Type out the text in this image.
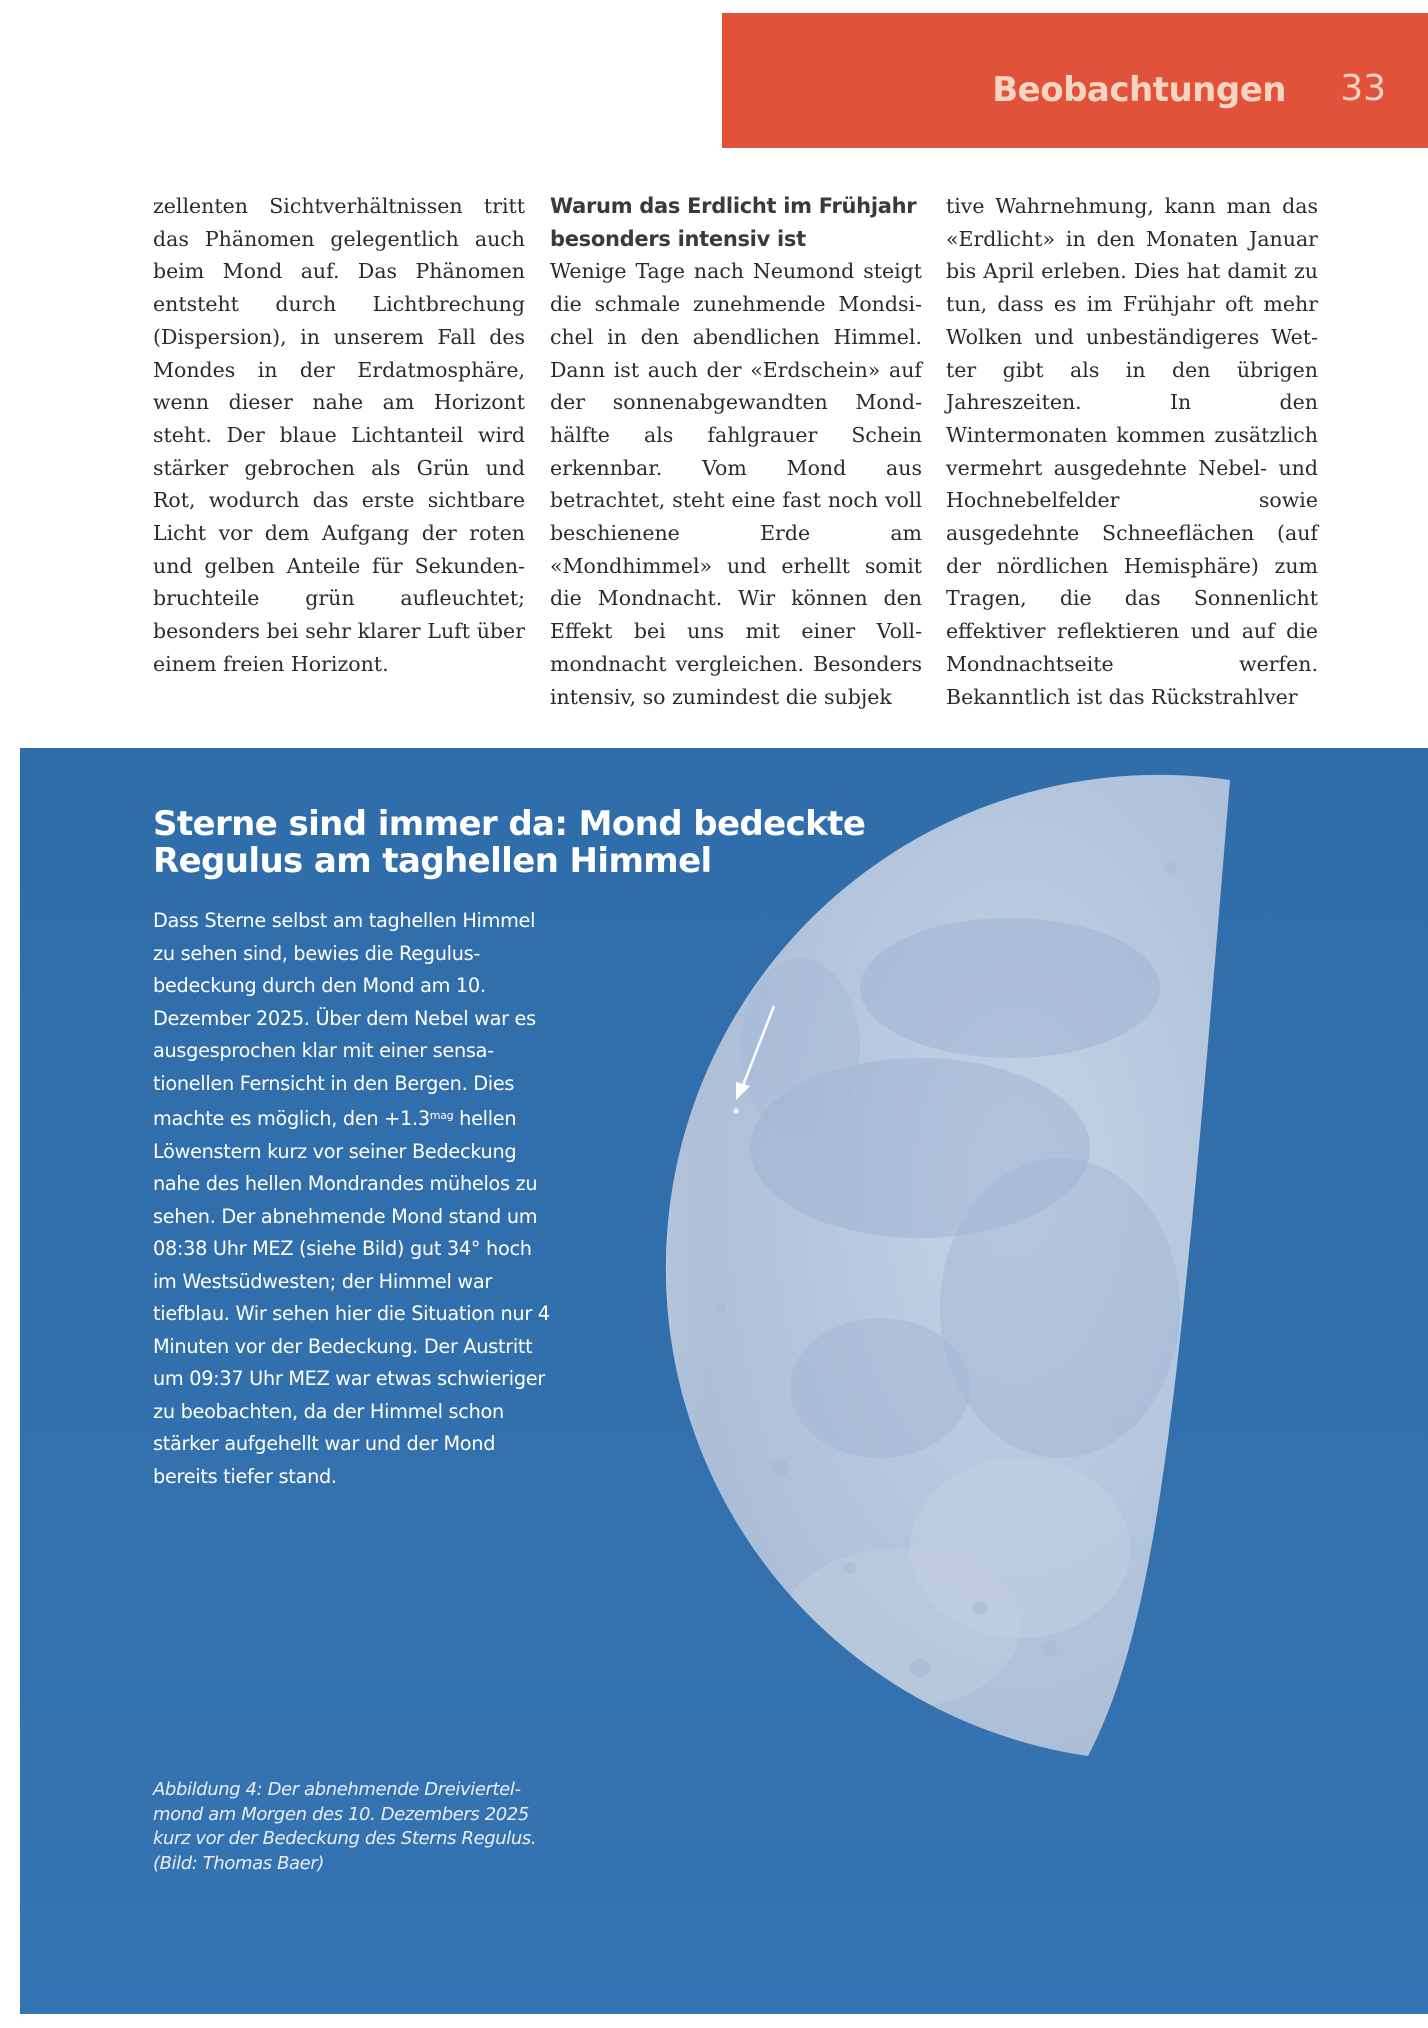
Beobachtungen 33

zellenten Sichtverhältnissen tritt das Phänomen gelegentlich auch beim Mond auf. Das Phänomen entsteht durch Lichtbrechung (Dispersion), in unserem Fall des Mondes in der Erdatmosphäre, wenn dieser nahe am Horizont steht. Der blaue Lichtanteil wird stärker gebrochen als Grün und Rot, wodurch das erste sichtbare Licht vor dem Aufgang der roten und gelben Anteile für Sekundenbruchteile grün aufleuchtet; besonders bei sehr klarer Luft über einem freien Horizont.

Warum das Erdlicht im Frühjahr besonders intensiv ist

Wenige Tage nach Neumond steigt die schmale zunehmende Mondsichel in den abendlichen Himmel. Dann ist auch der «Erdschein» auf der sonnenabgewandten Mondhälfte als fahlgrauer Schein erkennbar. Vom Mond aus betrachtet, steht eine fast noch voll beschienene Erde am «Mondhimmel» und erhellt somit die Mondnacht. Wir können den Effekt bei uns mit einer Vollmondnacht vergleichen. Besonders intensiv, so zumindest die subjek

tive Wahrnehmung, kann man das «Erdlicht» in den Monaten Januar bis April erleben. Dies hat damit zu tun, dass es im Frühjahr oft mehr Wolken und unbeständigeres Wetter gibt als in den übrigen Jahreszeiten. In den Wintermonaten kommen zusätzlich vermehrt ausgedehnte Nebel- und Hochnebelfelder sowie ausgedehnte Schneeflächen (auf der nördlichen Hemisphäre) zum Tragen, die das Sonnenlicht effektiver reflektieren und auf die Mondnachtseite werfen. Bekanntlich ist das Rückstrahlver

Sterne sind immer da: Mond bedeckte Regulus am taghellen Himmel
Dass Sterne selbst am taghellen Himmel zu sehen sind, bewies die Regulusbedeckung durch den Mond am 10. Dezember 2025. Über dem Nebel war es ausgesprochen klar mit einer sensationellen Fernsicht in den Bergen. Dies machte es möglich, den $+1.3^{mag}$ hellen Löwenstern kurz vor seiner Bedeckung nahe des hellen Mondrandes mühelos zu sehen. Der abnehmende Mond stand um 08:38 Uhr MEZ (siehe Bild) gut 34° hoch im Westsüdwesten; der Himmel war tiefblau. Wir sehen hier die Situation nur 4 Minuten vor der Bedeckung. Der Austritt um 09:37 Uhr MEZ war etwas schwieriger zu beobachten, da der Himmel schon stärker aufgehellt war und der Mond bereits tiefer stand.
Abbildung 4: Der abnehmende Dreiviertelmond am Morgen des 10. Dezembers 2025 kurz vor der Bedeckung des Sterns Regulus. (Bild: Thomas Baer)
